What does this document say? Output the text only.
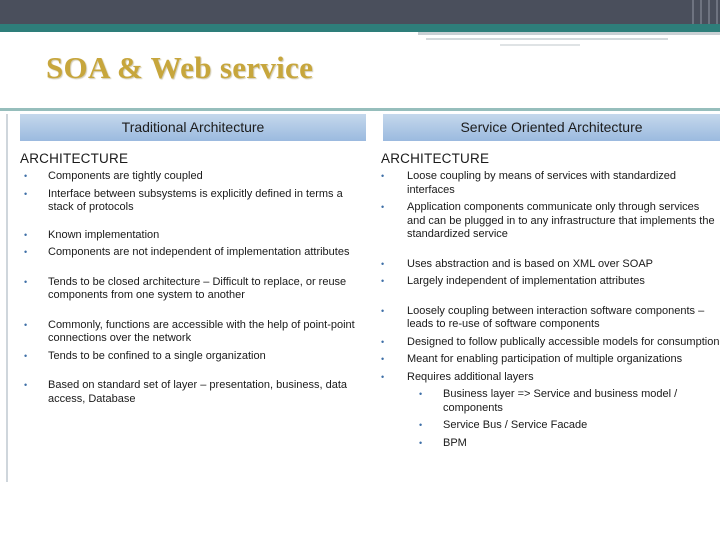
SOA & Web service
Traditional Architecture
ARCHITECTURE
• Components are tightly coupled
• Interface between subsystems is explicitly defined in terms a stack of protocols
• Known implementation
• Components are not independent of implementation attributes
• Tends to be closed architecture – Difficult to replace, or reuse components from one system to another
• Commonly, functions are accessible with the help of point-point connections over the network
• Tends to be confined to a single organization
• Based on standard set of layer – presentation, business, data access, Database
Service Oriented Architecture
ARCHITECTURE
• Loose coupling by means of services with standardized interfaces
• Application components communicate only through services and can be plugged in to any infrastructure that implements the standardized service
• Uses abstraction and is based on XML over SOAP
• Largely independent of implementation attributes
• Loosely coupling between interaction software components – leads to re-use of software components
• Designed to follow publically accessible models for consumption
• Meant for enabling participation of multiple organizations
• Requires additional layers
• Business layer => Service and business model / components
• Service Bus / Service Facade
• BPM
